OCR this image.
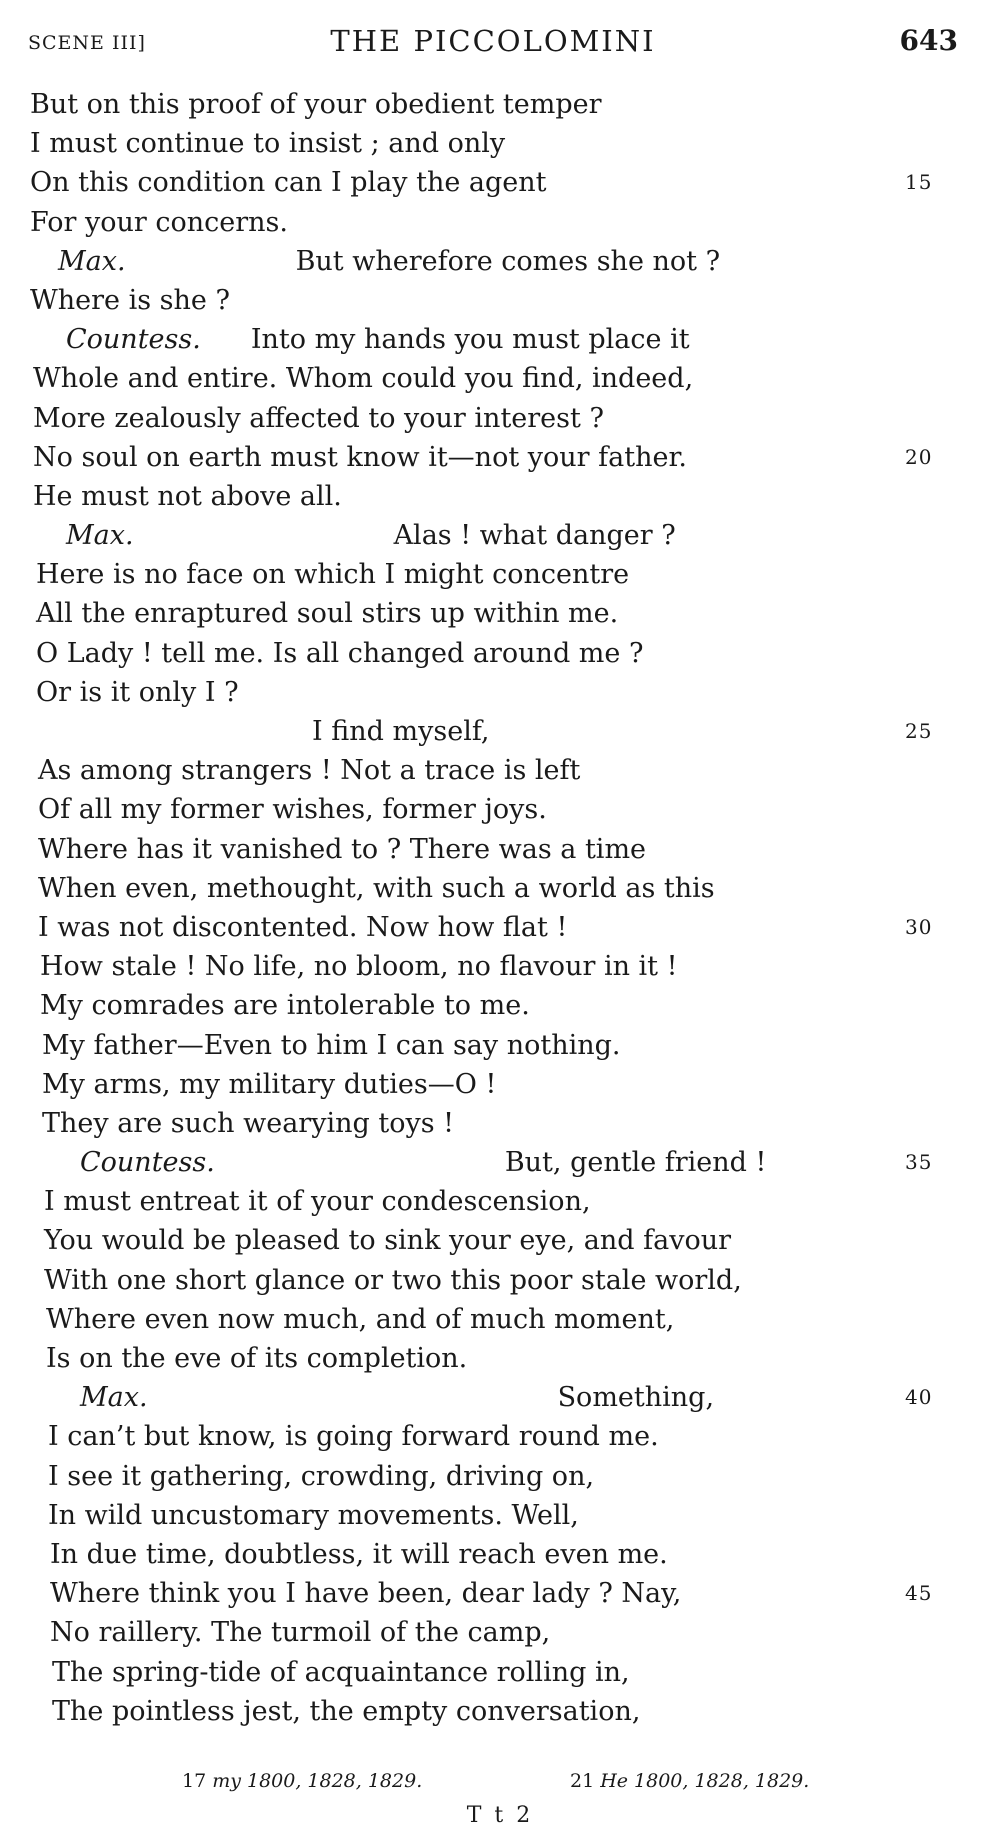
SCENE III]	THE PICCOLOMINI	643
But on this proof of your obedient temper
I must continue to insist ; and only
On this condition can I play the agent	15
For your concerns.
Max.	But wherefore comes she not ?
Where is she ?
Countess. Into my hands you must place it
Whole and entire. Whom could you find, indeed,
More zealously affected to your interest ?
No soul on earth must know it—not your father.	20
He must not above all.
Max.	Alas ! what danger ?
Here is no face on which I might concentre
All the enraptured soul stirs up within me.
O Lady ! tell me. Is all changed around me ?
Or is it only I ?
I find myself,	25
As among strangers ! Not a trace is left
Of all my former wishes, former joys.
Where has it vanished to ? There was a time
When even, methought, with such a world as this
I was not discontented. Now how flat !	30
How stale ! No life, no bloom, no flavour in it !
My comrades are intolerable to me.
My father—Even to him I can say nothing.
My arms, my military duties—O !
They are such wearying toys !
Countess.	But, gentle friend !	35
I must entreat it of your condescension,
You would be pleased to sink your eye, and favour
With one short glance or two this poor stale world,
Where even now much, and of much moment,
Is on the eve of its completion.
Max.	Something,	40
I can’t but know, is going forward round me.
I see it gathering, crowding, driving on,
In wild uncustomary movements. Well,
In due time, doubtless, it will reach even me.
Where think you I have been, dear lady ? Nay,	45
No raillery. The turmoil of the camp,
The spring-tide of acquaintance rolling in,
The pointless jest, the empty conversation,
17 my 1800, 1828, 1829.	21 He 1800, 1828, 1829.
T t 2
